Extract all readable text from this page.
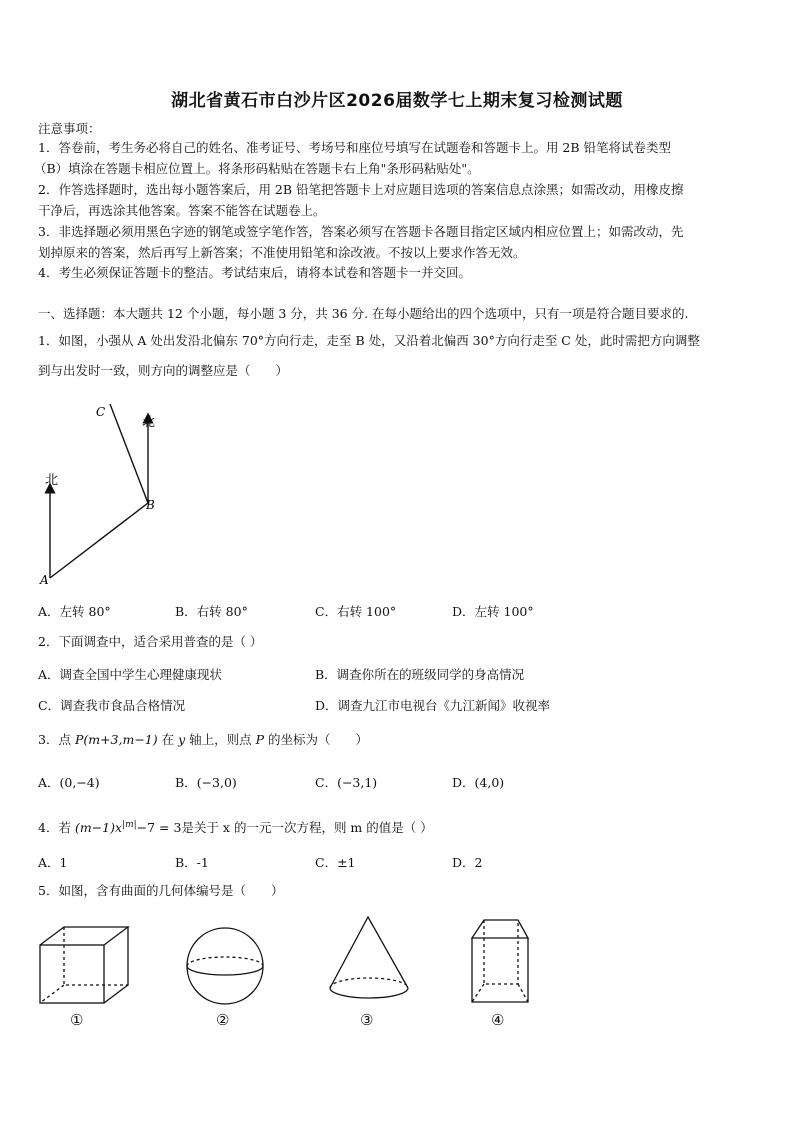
湖北省黄石市白沙片区2026届数学七上期末复习检测试题
注意事项：
1．答卷前，考生务必将自己的姓名、准考证号、考场号和座位号填写在试题卷和答题卡上。用 2B 铅笔将试卷类型
（B）填涂在答题卡相应位置上。将条形码粘贴在答题卡右上角"条形码粘贴处"。
2．作答选择题时，选出每小题答案后，用 2B 铅笔把答题卡上对应题目选项的答案信息点涂黑；如需改动，用橡皮擦
干净后，再选涂其他答案。答案不能答在试题卷上。
3．非选择题必须用黑色字迹的钢笔或签字笔作答，答案必须写在答题卡各题目指定区域内相应位置上；如需改动，先
划掉原来的答案，然后再写上新答案；不准使用铅笔和涂改液。不按以上要求作答无效。
4．考生必须保证答题卡的整洁。考试结束后，请将本试卷和答题卡一并交回。
一、选择题：本大题共 12 个小题，每小题 3 分，共 36 分. 在每小题给出的四个选项中，只有一项是符合题目要求的.
1．如图，小强从 A 处出发沿北偏东 70°方向行走，走至 B 处，又沿着北偏西 30°方向行走至 C 处，此时需把方向调整
到与出发时一致，则方向的调整应是（　　）
北
北
A
B
C
A．左转 80°	B．右转 80°	C．右转 100°	D．左转 100°
2．下面调查中，适合采用普查的是（ ）
A．调查全国中学生心理健康现状	B．调查你所在的班级同学的身高情况
C．调查我市食品合格情况	D．调查九江市电视台《九江新闻》收视率
3．点 P(m+3,m−1) 在 y 轴上，则点 P 的坐标为（　　）
A．(0,−4)	B．(−3,0)	C．(−3,1)	D．(4,0)
4．若 $(m-1)x^{|m|}-7 = 3$是关于 x 的一元一次方程，则 m 的值是（ ）
A．1	B．-1	C．±1	D．2
5．如图，含有曲面的几何体编号是（　　）
①	②	③	④
